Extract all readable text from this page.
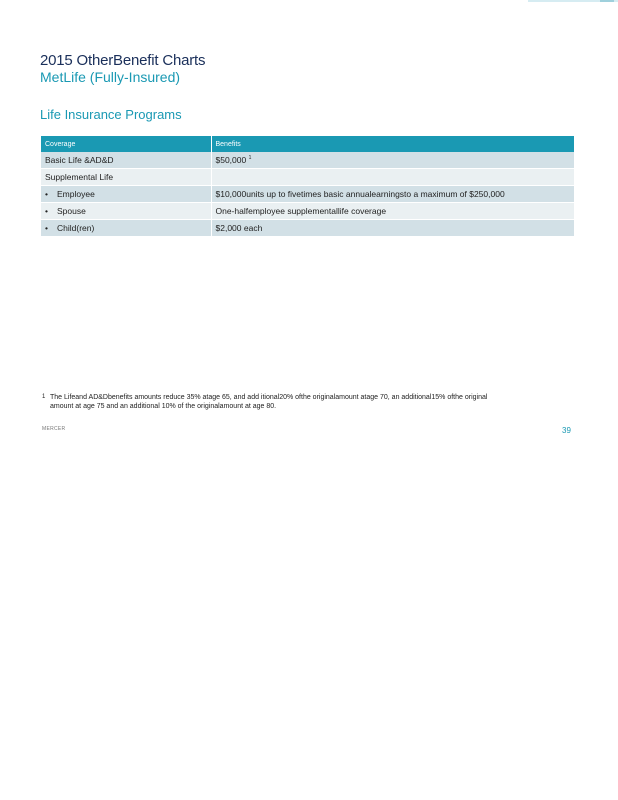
2015 OtherBenefit Charts
MetLife (Fully-Insured)
Life Insurance Programs
Coverage	Benefits
Basic Life &AD&D	$50,000 $^1$
Supplemental Life	
• Employee	$10,000units up to fivetimes basic annualearningsto a maximum of $250,000
• Spouse	One-halfemployee supplementallife coverage
• Child(ren)	$2,000 each
1 The Lifeand AD&Dbenefits amounts reduce 35% atage 65, and add itional20% ofthe originalamount atage 70, an additional15% ofthe original
amount at age 75 and an additional 10% of the originalamount at age 80.
MERCER	39
